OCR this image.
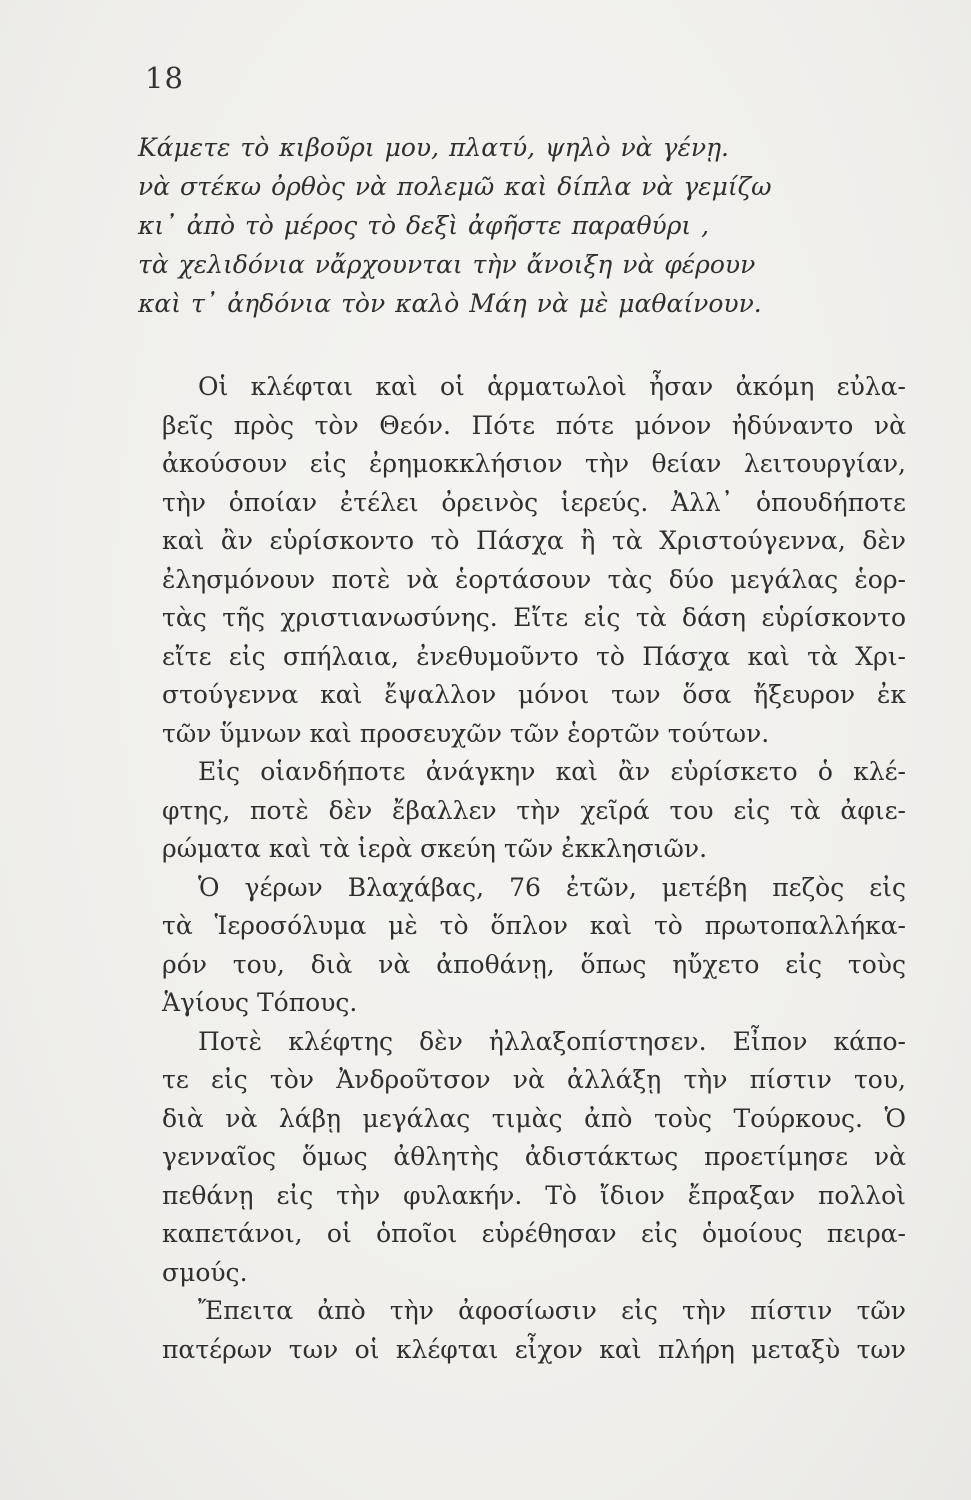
18
Κάμετε τὸ κιβοῦρι μου, πλατύ, ψηλὸ νὰ γένῃ.
νὰ στέκω ὀρθὸς νὰ πολεμῶ καὶ δίπλα νὰ γεμίζω
κι᾽ ἀπὸ τὸ μέρος τὸ δεξὶ ἀφῆστε παραθύρι ,
τὰ χελιδόνια νἄρχουνται τὴν ἄνοιξη νὰ φέρουν
καὶ τ᾽ ἀηδόνια τὸν καλὸ Μάη νὰ μὲ μαθαίνουν.
Οἱ κλέφται καὶ οἱ ἁρματωλοὶ ἦσαν ἀκόμη εὐλα-
βεῖς πρὸς τὸν Θεόν. Πότε πότε μόνον ἠδύναντο νὰ
ἀκούσουν εἰς ἐρημοκκλήσιον τὴν θείαν λειτουργίαν,
τὴν ὁποίαν ἐτέλει ὀρεινὸς ἱερεύς. Ἀλλ᾽ ὁπουδήποτε
καὶ ἂν εὑρίσκοντο τὸ Πάσχα ἢ τὰ Χριστούγεννα, δὲν
ἐλησμόνουν ποτὲ νὰ ἑορτάσουν τὰς δύο μεγάλας ἑορ-
τὰς τῆς χριστιανωσύνης. Εἴτε εἰς τὰ δάση εὑρίσκοντο
εἴτε εἰς σπήλαια, ἐνεθυμοῦντο τὸ Πάσχα καὶ τὰ Χρι-
στούγεννα καὶ ἔψαλλον μόνοι των ὅσα ἤξευρον ἐκ
τῶν ὕμνων καὶ προσευχῶν τῶν ἑορτῶν τούτων.
Εἰς οἱανδήποτε ἀνάγκην καὶ ἂν εὑρίσκετο ὁ κλέ-
φτης, ποτὲ δὲν ἔβαλλεν τὴν χεῖρά του εἰς τὰ ἀφιε-
ρώματα καὶ τὰ ἱερὰ σκεύη τῶν ἐκκλησιῶν.
Ὁ γέρων Βλαχάβας, 76 ἐτῶν, μετέβη πεζὸς εἰς
τὰ Ἱεροσόλυμα μὲ τὸ ὅπλον καὶ τὸ πρωτοπαλλήκα-
ρόν του, διὰ νὰ ἀποθάνῃ, ὅπως ηὔχετο εἰς τοὺς
Ἁγίους Τόπους.
Ποτὲ κλέφτης δὲν ἠλλαξοπίστησεν. Εἶπον κάπο-
τε εἰς τὸν Ἀνδροῦτσον νὰ ἀλλάξῃ τὴν πίστιν του,
διὰ νὰ λάβῃ μεγάλας τιμὰς ἀπὸ τοὺς Τούρκους. Ὁ
γενναῖος ὅμως ἀθλητὴς ἀδιστάκτως προετίμησε νὰ
πεθάνῃ εἰς τὴν φυλακήν. Τὸ ἴδιον ἔπραξαν πολλοὶ
καπετάνοι, οἱ ὁποῖοι εὑρέθησαν εἰς ὁμοίους πειρα-
σμούς.
Ἔπειτα ἀπὸ τὴν ἀφοσίωσιν εἰς τὴν πίστιν τῶν
πατέρων των οἱ κλέφται εἶχον καὶ πλήρη μεταξὺ των
